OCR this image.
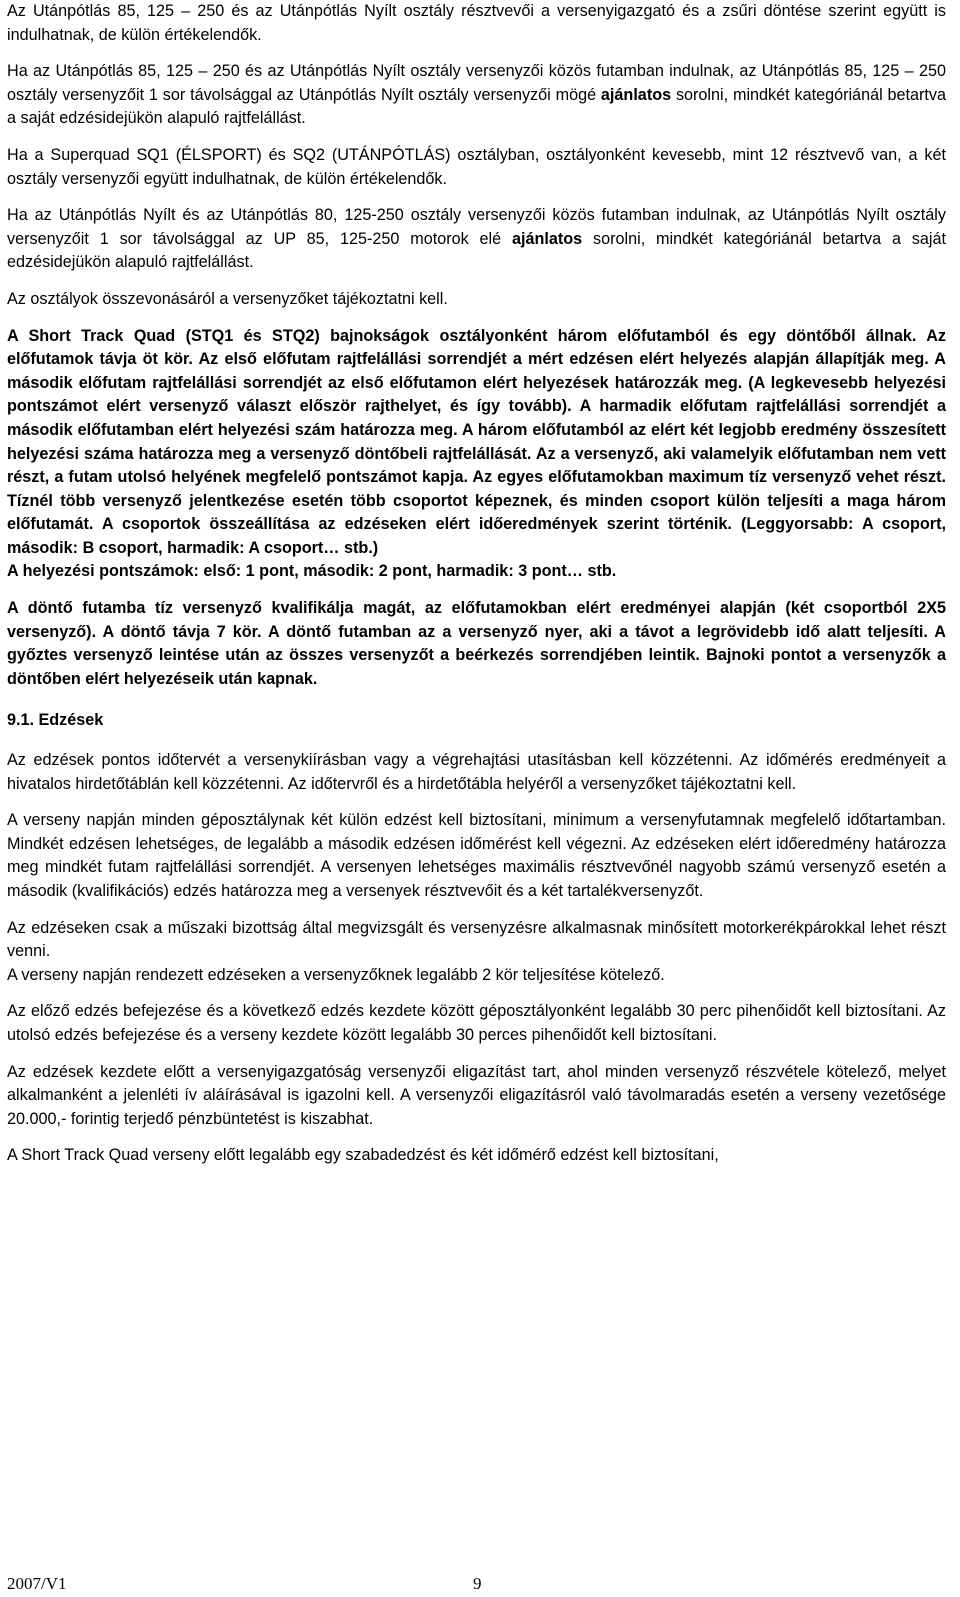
Az Utánpótlás 85, 125 – 250 és az Utánpótlás Nyílt osztály résztvevői a versenyigazgató és a zsűri döntése szerint együtt is indulhatnak, de külön értékelendők.

Ha az Utánpótlás 85, 125 – 250 és az Utánpótlás Nyílt osztály versenyzői közös futamban indulnak, az Utánpótlás 85, 125 – 250 osztály versenyzőit 1 sor távolsággal az Utánpótlás Nyílt osztály versenyzői mögé ajánlatos sorolni, mindkét kategóriánál betartva a saját edzésidejükön alapuló rajtfelállást.

Ha a Superquad SQ1 (ÉLSPORT) és SQ2 (UTÁNPÓTLÁS) osztályban, osztályonként kevesebb, mint 12 résztvevő van, a két osztály versenyzői együtt indulhatnak, de külön értékelendők.

Ha az Utánpótlás Nyílt és az Utánpótlás 80, 125-250 osztály versenyzői közös futamban indulnak, az Utánpótlás Nyílt osztály versenyzőit 1 sor távolsággal az UP 85, 125-250 motorok elé ajánlatos sorolni, mindkét kategóriánál betartva a saját edzésidejükön alapuló rajtfelállást.

Az osztályok összevonásáról a versenyzőket tájékoztatni kell.

A Short Track Quad (STQ1 és STQ2) bajnokságok osztályonként három előfutamból és egy döntőből állnak. Az előfutamok távja öt kör. Az első előfutam rajtfelállási sorrendjét a mért edzésen elért helyezés alapján állapítják meg. A második előfutam rajtfelállási sorrendjét az első előfutamon elért helyezések határozzák meg. (A legkevesebb helyezési pontszámot elért versenyző választ először rajthelyet, és így tovább). A harmadik előfutam rajtfelállási sorrendjét a második előfutamban elért helyezési szám határozza meg. A három előfutamból az elért két legjobb eredmény összesített helyezési száma határozza meg a versenyző döntőbeli rajtfelállását. Az a versenyző, aki valamelyik előfutamban nem vett részt, a futam utolsó helyének megfelelő pontszámot kapja. Az egyes előfutamokban maximum tíz versenyző vehet részt. Tíznél több versenyző jelentkezése esetén több csoportot képeznek, és minden csoport külön teljesíti a maga három előfutamát. A csoportok összeállítása az edzéseken elért időeredmények szerint történik. (Leggyorsabb: A csoport, második: B csoport, harmadik: A csoport… stb.)

A helyezési pontszámok: első: 1 pont, második: 2 pont, harmadik: 3 pont… stb.

A döntő futamba tíz versenyző kvalifikálja magát, az előfutamokban elért eredményei alapján (két csoportból 2X5 versenyző). A döntő távja 7 kör. A döntő futamban az a versenyző nyer, aki a távot a legrövidebb idő alatt teljesíti. A győztes versenyző leintése után az összes versenyzőt a beérkezés sorrendjében leintik. Bajnoki pontot a versenyzők a döntőben elért helyezéseik után kapnak.

9.1. Edzések

Az edzések pontos időtervét a versenykiírásban vagy a végrehajtási utasításban kell közzétenni. Az időmérés eredményeit a hivatalos hirdetőtáblán kell közzétenni. Az időtervről és a hirdetőtábla helyéről a versenyzőket tájékoztatni kell.

A verseny napján minden géposztálynak két külön edzést kell biztosítani, minimum a versenyfutamnak megfelelő időtartamban. Mindkét edzésen lehetséges, de legalább a második edzésen időmérést kell végezni. Az edzéseken elért időeredmény határozza meg mindkét futam rajtfelállási sorrendjét. A versenyen lehetséges maximális résztvevőnél nagyobb számú versenyző esetén a második (kvalifikációs) edzés határozza meg a versenyek résztvevőit és a két tartalékversenyzőt.

Az edzéseken csak a műszaki bizottság által megvizsgált és versenyzésre alkalmasnak minősített motorkerékpárokkal lehet részt venni.

A verseny napján rendezett edzéseken a versenyzőknek legalább 2 kör teljesítése kötelező.

Az előző edzés befejezése és a következő edzés kezdete között géposztályonként legalább 30 perc pihenőidőt kell biztosítani. Az utolsó edzés befejezése és a verseny kezdete között legalább 30 perces pihenőidőt kell biztosítani.

Az edzések kezdete előtt a versenyigazgatóság versenyzői eligazítást tart, ahol minden versenyző részvétele kötelező, melyet alkalmanként a jelenléti ív aláírásával is igazolni kell. A versenyzői eligazításról való távolmaradás esetén a verseny vezetősége 20.000,- forintig terjedő pénzbüntetést is kiszabhat.

A Short Track Quad verseny előtt legalább egy szabadedzést és két időmérő edzést kell biztosítani,

2007/V1	9
